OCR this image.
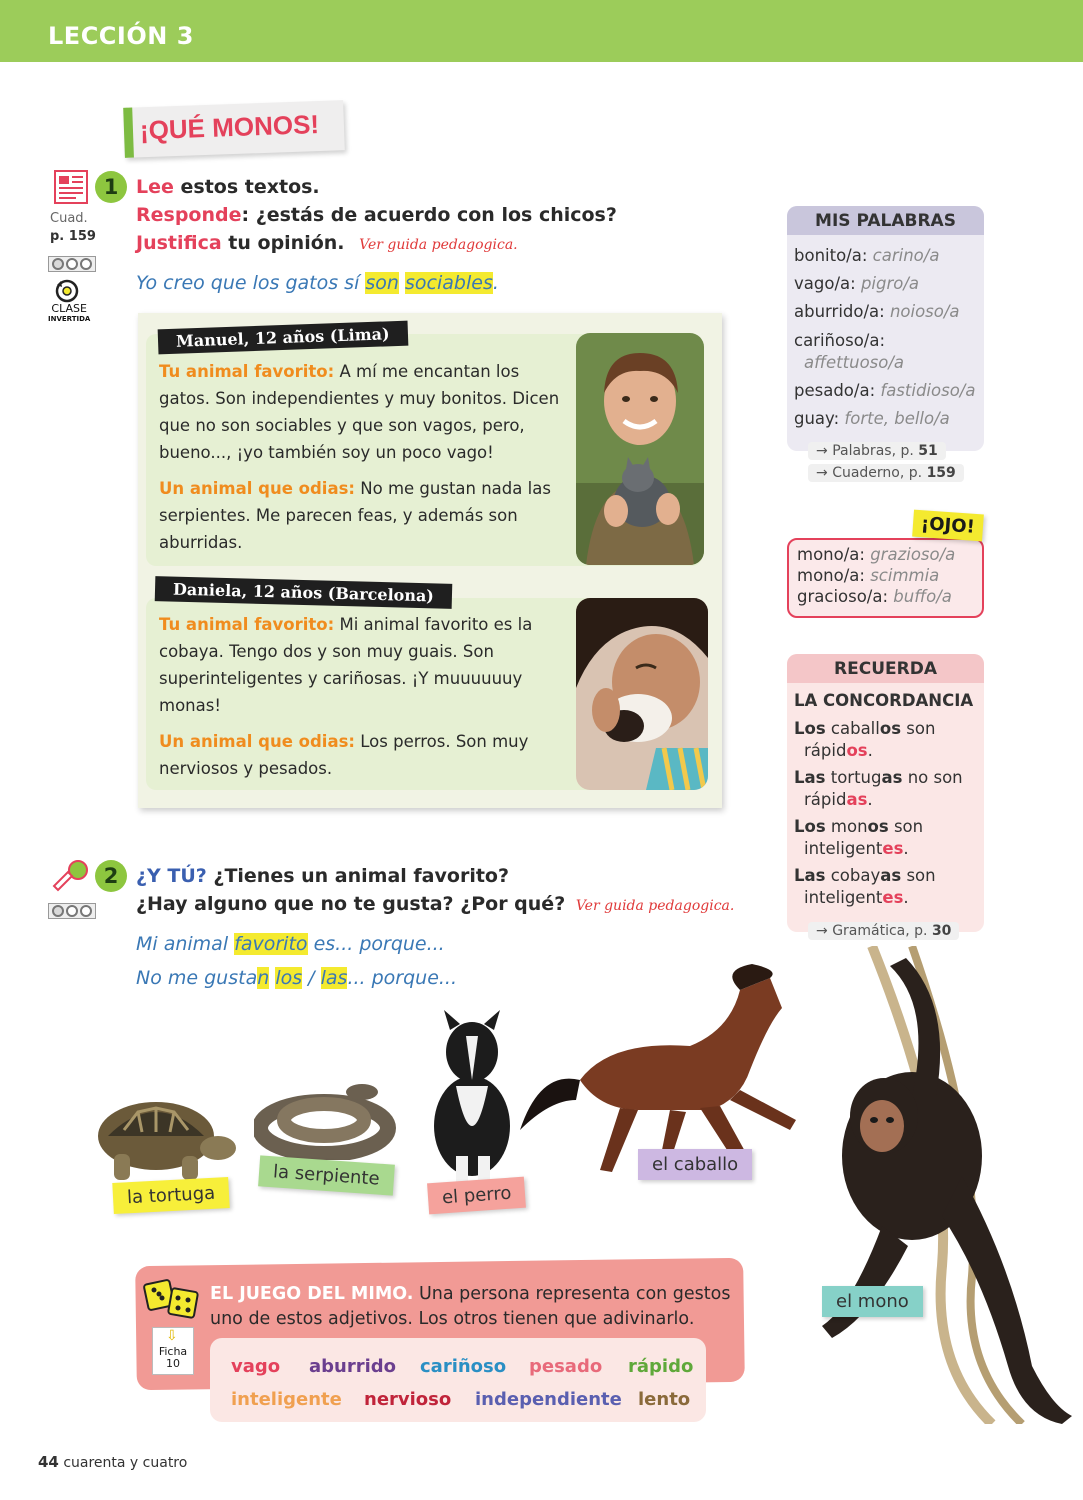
LECCIÓN 3
¡QUÉ MONOS!
1
Cuad.
p. 159
CLASE
INVERTIDA
Lee estos textos.
Responde: ¿estás de acuerdo con los chicos?
Justifica tu opinión. Ver guida pedagogica.
Yo creo que los gatos sí son sociables.
Manuel, 12 años (Lima)

Tu animal favorito: A mí me encantan los gatos. Son independientes y muy bonitos. Dicen que no son sociables y que son vagos, pero, bueno..., ¡yo también soy un poco vago!

Un animal que odias: No me gustan nada las serpientes. Me parecen feas, y además son aburridas.

Daniela, 12 años (Barcelona)

Tu animal favorito: Mi animal favorito es la cobaya. Tengo dos y son muy guais. Son superinteligentes y cariñosas. ¡Y muuuuuuy monas!

Un animal que odias: Los perros. Son muy nerviosos y pesados.

MIS PALABRAS
bonito/a: carino/a
vago/a: pigro/a
aburrido/a: noioso/a
cariñoso/a:
affettuoso/a
pesado/a: fastidioso/a
guay: forte, bello/a
→ Palabras, p. 51
→ Cuaderno, p. 159
¡OJO!
mono/a: grazioso/a
mono/a: scimmia
gracioso/a: buffo/a
RECUERDA
LA CONCORDANCIA
Los caballos son
rápidos.
Las tortugas no son
rápidas.
Los monos son
inteligentes.
Las cobayas son
inteligentes.
→ Gramática, p. 30
2 ¿Y TÚ? ¿Tienes un animal favorito?
¿Hay alguno que no te gusta? ¿Por qué? Ver guida pedagogica.
Mi animal favorito es... porque...
No me gustan los / las... porque...
la tortuga
la serpiente
el perro
el caballo
el mono
EL JUEGO DEL MIMO. Una persona representa con gestos
uno de estos adjetivos. Los otros tienen que adivinarlo.
⇩
Ficha
10	vago aburrido cariñoso pesado rápido
inteligente nervioso independiente lento
44 cuarenta y cuatro
